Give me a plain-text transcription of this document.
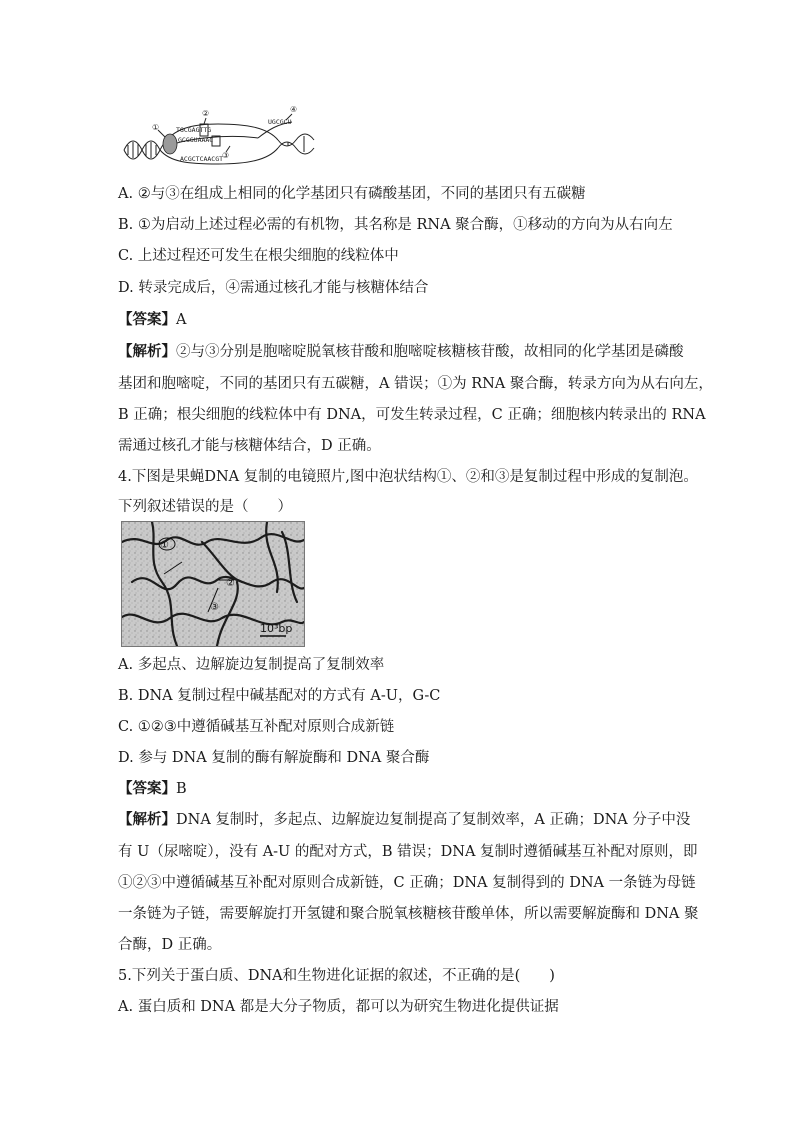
TGCGAGTTG
GCGGUAAAC
ACGCTCAACGT
UGCGCU
①
②
③
④
A. ②与③在组成上相同的化学基团只有磷酸基团，不同的基团只有五碳糖
B. ①为启动上述过程必需的有机物，其名称是 RNA 聚合酶，①移动的方向为从右向左
C. 上述过程还可发生在根尖细胞的线粒体中
D. 转录完成后，④需通过核孔才能与核糖体结合
【答案】A
【解析】②与③分别是胞嘧啶脱氧核苷酸和胞嘧啶核糖核苷酸，故相同的化学基团是磷酸
基团和胞嘧啶，不同的基团只有五碳糖，A 错误；①为 RNA 聚合酶，转录方向为从右向左，
B 正确；根尖细胞的线粒体中有 DNA，可发生转录过程，C 正确；细胞核内转录出的 RNA
需通过核孔才能与核糖体结合，D 正确。
4.下图是果蝇DNA 复制的电镜照片,图中泡状结构①、②和③是复制过程中形成的复制泡。
下列叙述错误的是（　　）
①
②
③
10³bp
A. 多起点、边解旋边复制提高了复制效率
B. DNA 复制过程中碱基配对的方式有 A-U，G-C
C. ①②③中遵循碱基互补配对原则合成新链
D. 参与 DNA 复制的酶有解旋酶和 DNA 聚合酶
【答案】B
【解析】DNA 复制时，多起点、边解旋边复制提高了复制效率，A 正确；DNA 分子中没
有 U（尿嘧啶），没有 A-U 的配对方式，B 错误；DNA 复制时遵循碱基互补配对原则，即
①②③中遵循碱基互补配对原则合成新链，C 正确；DNA 复制得到的 DNA 一条链为母链
一条链为子链，需要解旋打开氢键和聚合脱氧核糖核苷酸单体，所以需要解旋酶和 DNA 聚
合酶，D 正确。
5.下列关于蛋白质、DNA和生物进化证据的叙述，不正确的是(　　)
A. 蛋白质和 DNA 都是大分子物质，都可以为研究生物进化提供证据
